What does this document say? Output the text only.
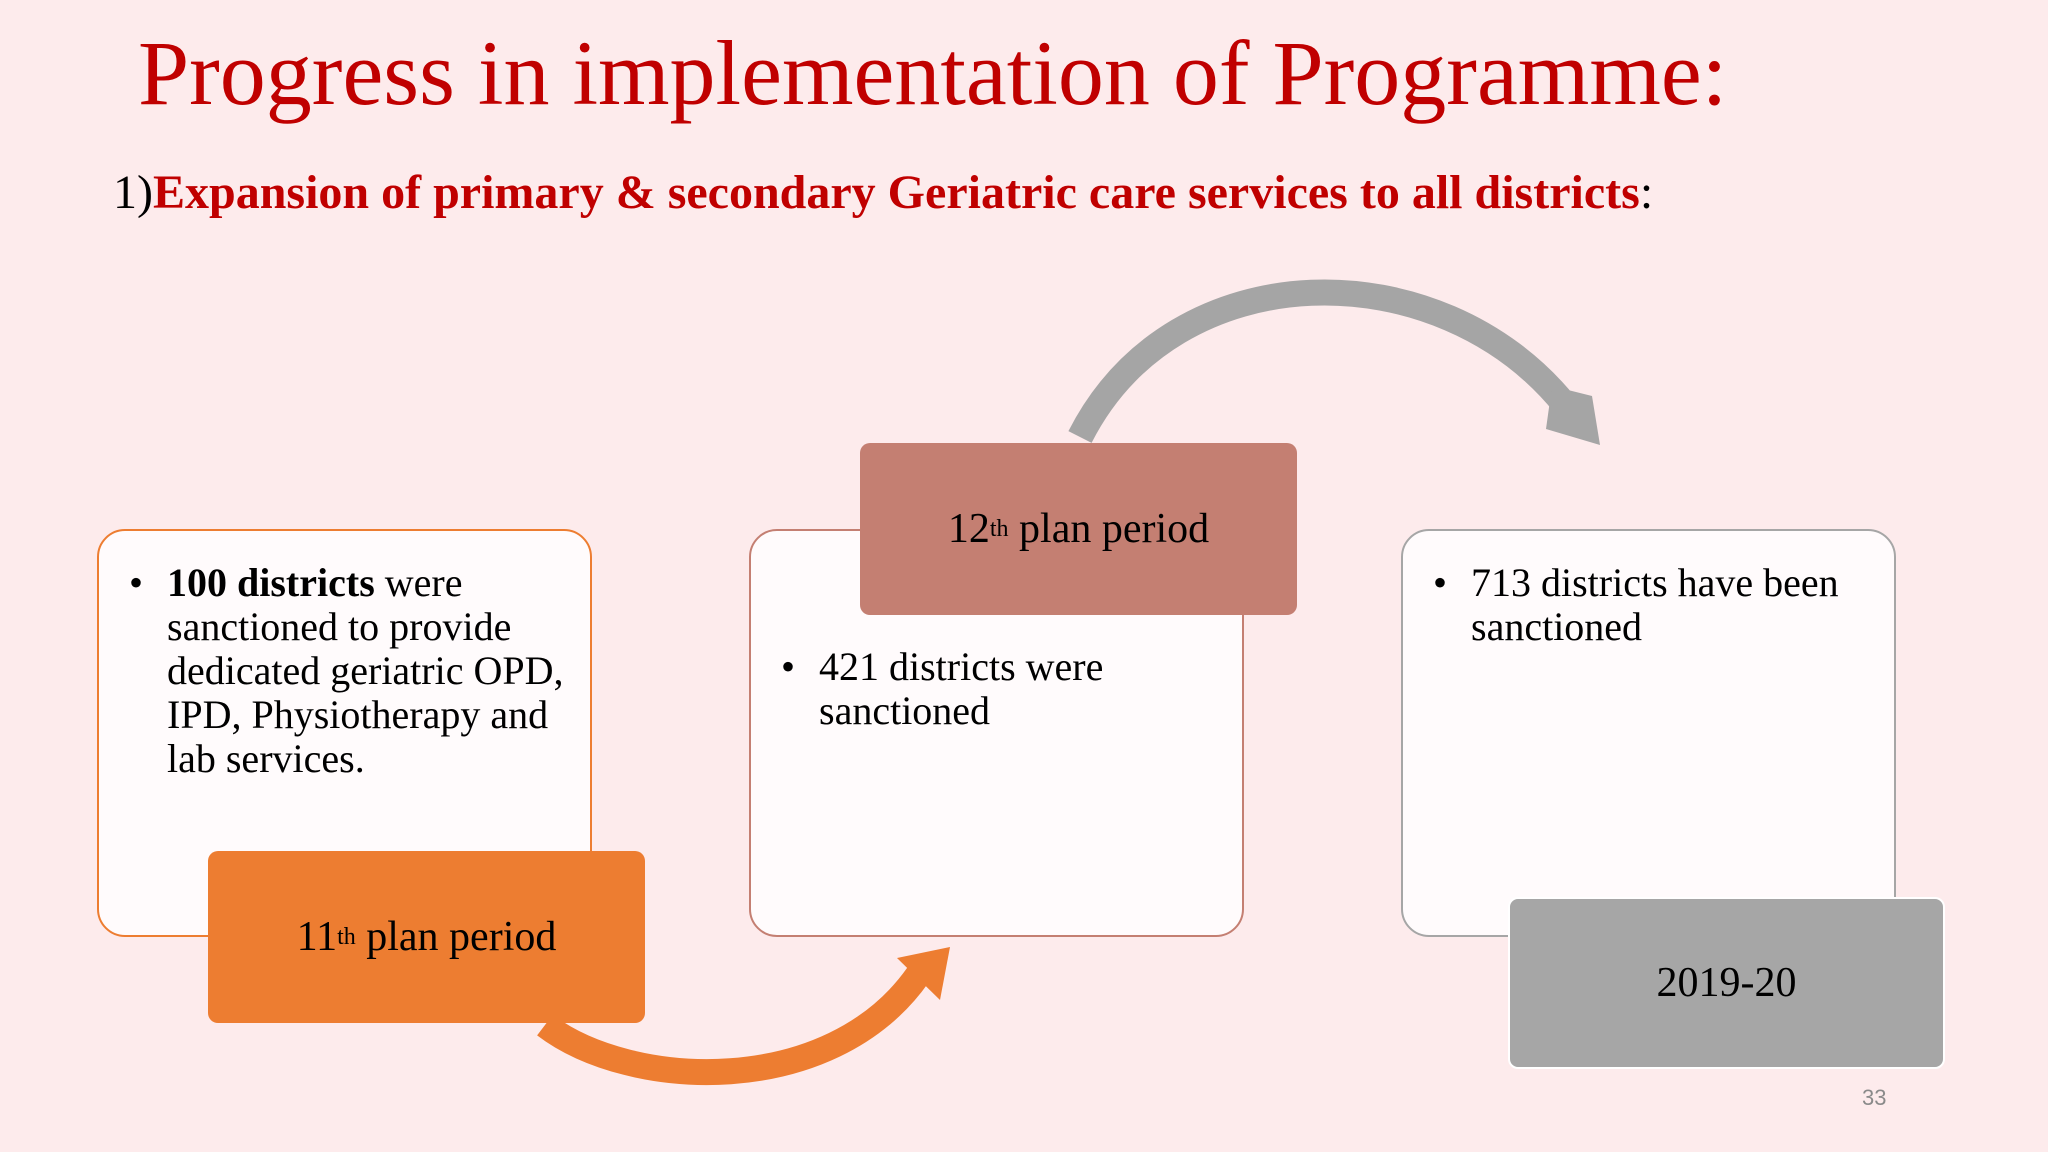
Progress in implementation of Programme:
1)Expansion of primary & secondary Geriatric care services to all districts:
• 100 districts were sanctioned to provide dedicated geriatric OPD, IPD, Physiotherapy and lab services.
• 421 districts were sanctioned
• 713 districts have been sanctioned
11 th plan period
12 th plan period
2019-20
33
